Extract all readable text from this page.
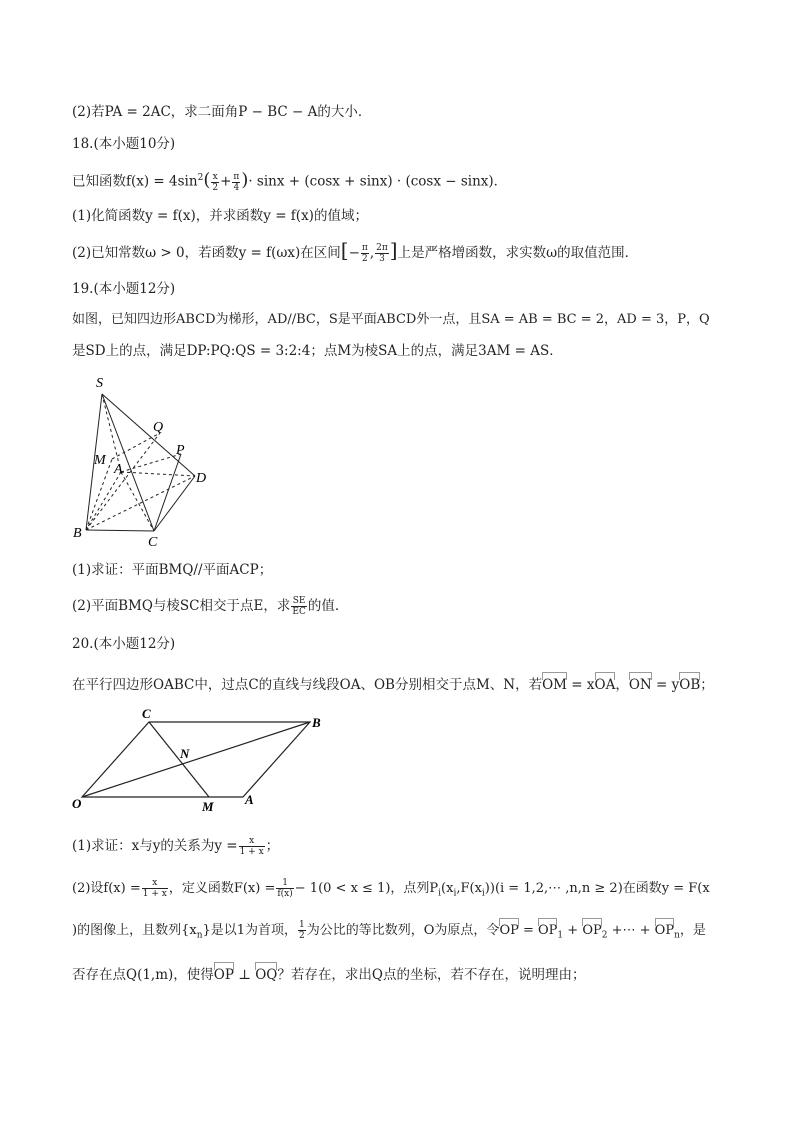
(2)若PA = 2AC，求二面角P − BC − A的大小．
18.(本小题10分)
已知函数$f(x) = 4\sin^2( \frac{x}{2} + \frac{\pi}{4}$ )· sinx + (cosx + sinx) · (cosx − sinx)．
(1)化简函数y = f(x)，并求函数y = f(x)的值域；
(2)已知常数ω > 0，若函数y = f(ωx)在区间[− $\frac{\pi}{2}$ , $\frac{2\pi}{3}$ ]上是严格增函数，求实数ω的取值范围．
19.(本小题12分)
如图，已知四边形ABCD为梯形，AD//BC，S是平面ABCD外一点，且SA = AB = BC = 2，AD = 3，P，Q
是SD上的点，满足DP:PQ:QS = 3:2:4；点M为棱SA上的点，满足3AM = AS．
S
Q
P
M
A
D
B
C
(1)求证：平面BMQ//平面ACP；
(2)平面BMQ与棱SC相交于点E，求 $\frac{SE}{EC}$ 的值．
20.(本小题12分)
在平行四边形OABC中，过点C的直线与线段OA、OB分别相交于点M、N，若OM = xOA，ON = yOB；
C
B
N
O	M A
(1)求证：x与y的关系为$y = \frac{x}{1 + x}$ ；
(2)设$f(x) = \frac{x}{1 + x}$ ，定义函数$F(x) = \frac{1}{f(x)} - 1(0 < x \le 1)$，点列$P_i(x_i,F(x_i))(i$ = 1,2,⋯ ,n,n ≥ 2)在函数y = F(x
)的图像上，且数列$\{x_n\}$是以1为首项， $\frac{1}{2}$ 为公比的等比数列，O为原点，令OP = $OP_1 + OP_2$ +⋯ + $OP_n$，是
否存在点Q(1,m)，使得OP ⊥ OQ？若存在，求出Q点的坐标，若不存在，说明理由；
